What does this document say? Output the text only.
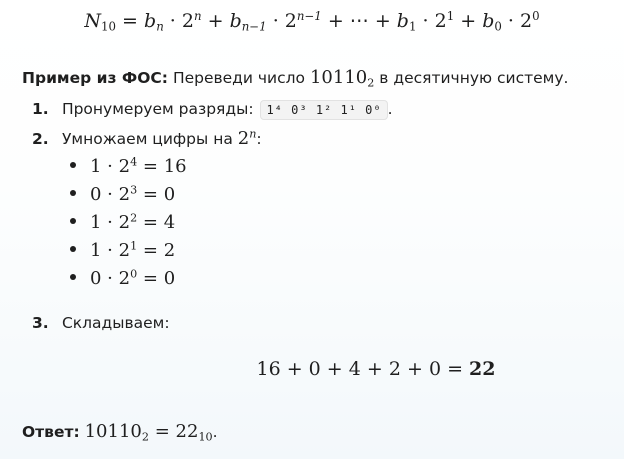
$N_{10} = b_n \cdot 2^n + b_{n-1} \cdot 2^{n-1}$ + ⋯ + $b_1 \cdot 2^1 + b_0 \cdot 2^0$
Пример из ФОС: Переведи число $10110_2$ в десятичную систему.
1. Пронумеруем разряды: 1⁴ 0³ 1² 1¹ 0⁰ .
2. Умножаем цифры на 2$^n$:
3. Складываем:
$1 \cdot 2^4 = 16$
$0 \cdot 2^3 = 0$
$1 \cdot 2^2 = 4$
$1 \cdot 2^1 = 2$
$0 \cdot 2^0 = 0$
16 + 0 + 4 + 2 + 0 = 22
Ответ: $10110_2 = 22_{10}$.
